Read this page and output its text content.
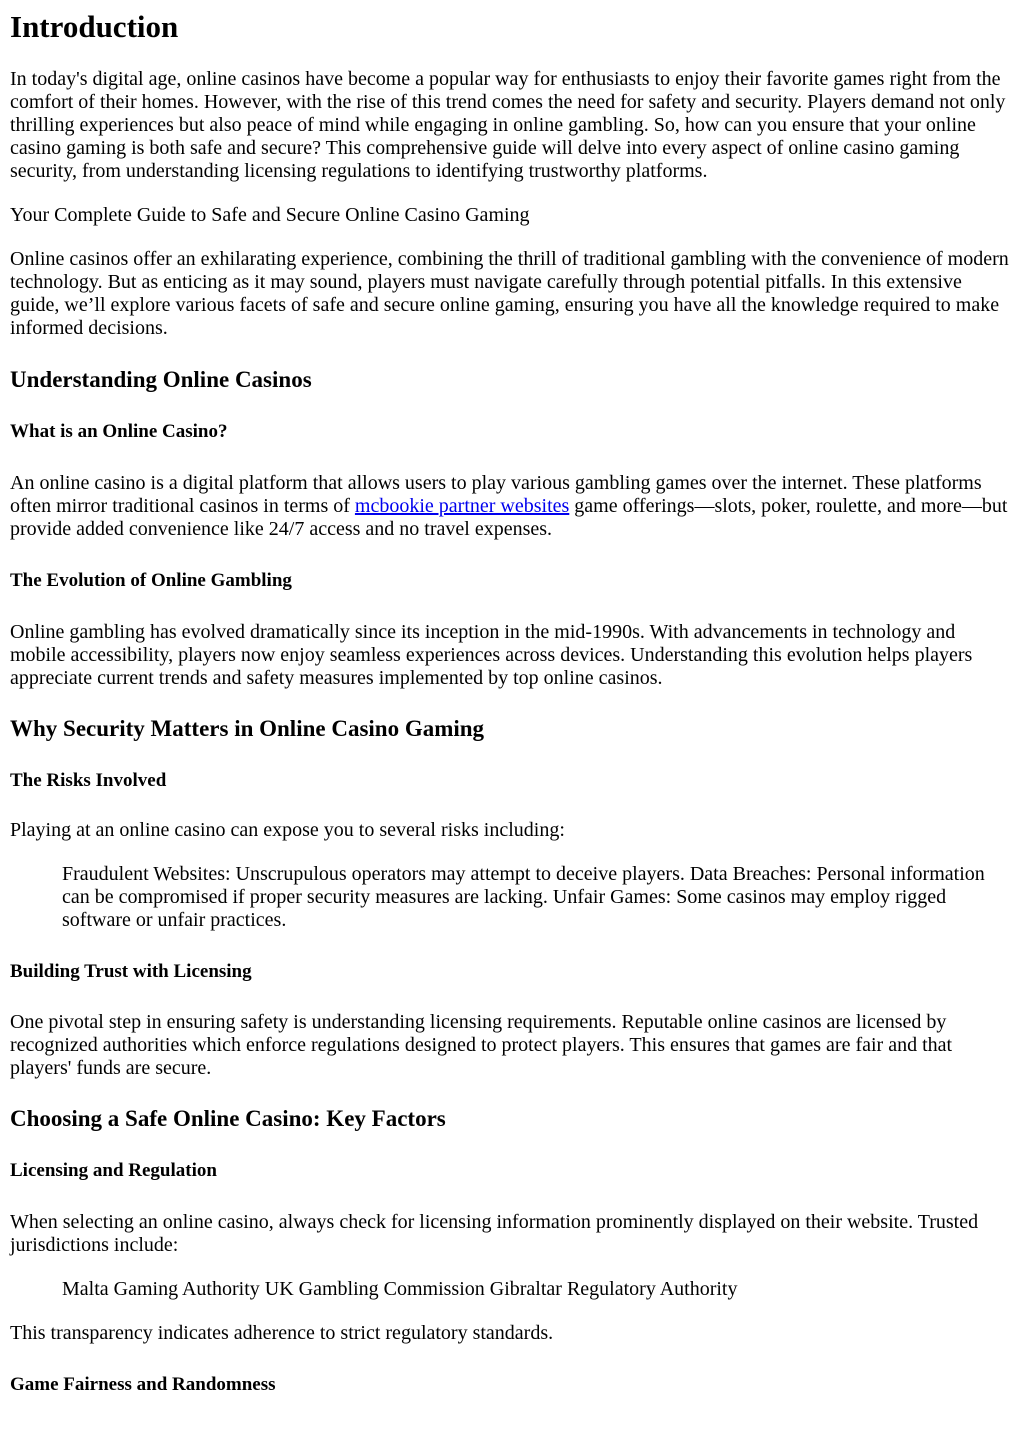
Introduction

In today's digital age, online casinos have become a popular way for enthusiasts to enjoy their favorite games right from the comfort of their homes. However, with the rise of this trend comes the need for safety and security. Players demand not only thrilling experiences but also peace of mind while engaging in online gambling. So, how can you ensure that your online casino gaming is both safe and secure? This comprehensive guide will delve into every aspect of online casino gaming security, from understanding licensing regulations to identifying trustworthy platforms.

Your Complete Guide to Safe and Secure Online Casino Gaming

Online casinos offer an exhilarating experience, combining the thrill of traditional gambling with the convenience of modern technology. But as enticing as it may sound, players must navigate carefully through potential pitfalls. In this extensive guide, we’ll explore various facets of safe and secure online gaming, ensuring you have all the knowledge required to make informed decisions.

Understanding Online Casinos
What is an Online Casino?

An online casino is a digital platform that allows users to play various gambling games over the internet. These platforms often mirror traditional casinos in terms of mcbookie partner websites game offerings—slots, poker, roulette, and more—but provide added convenience like 24/7 access and no travel expenses.

The Evolution of Online Gambling

Online gambling has evolved dramatically since its inception in the mid-1990s. With advancements in technology and mobile accessibility, players now enjoy seamless experiences across devices. Understanding this evolution helps players appreciate current trends and safety measures implemented by top online casinos.

Why Security Matters in Online Casino Gaming
The Risks Involved

Playing at an online casino can expose you to several risks including:

Fraudulent Websites: Unscrupulous operators may attempt to deceive players. Data Breaches: Personal information can be compromised if proper security measures are lacking. Unfair Games: Some casinos may employ rigged software or unfair practices.

Building Trust with Licensing

One pivotal step in ensuring safety is understanding licensing requirements. Reputable online casinos are licensed by recognized authorities which enforce regulations designed to protect players. This ensures that games are fair and that players' funds are secure.

Choosing a Safe Online Casino: Key Factors
Licensing and Regulation

When selecting an online casino, always check for licensing information prominently displayed on their website. Trusted jurisdictions include:

Malta Gaming Authority UK Gambling Commission Gibraltar Regulatory Authority

This transparency indicates adherence to strict regulatory standards.

Game Fairness and Randomness
